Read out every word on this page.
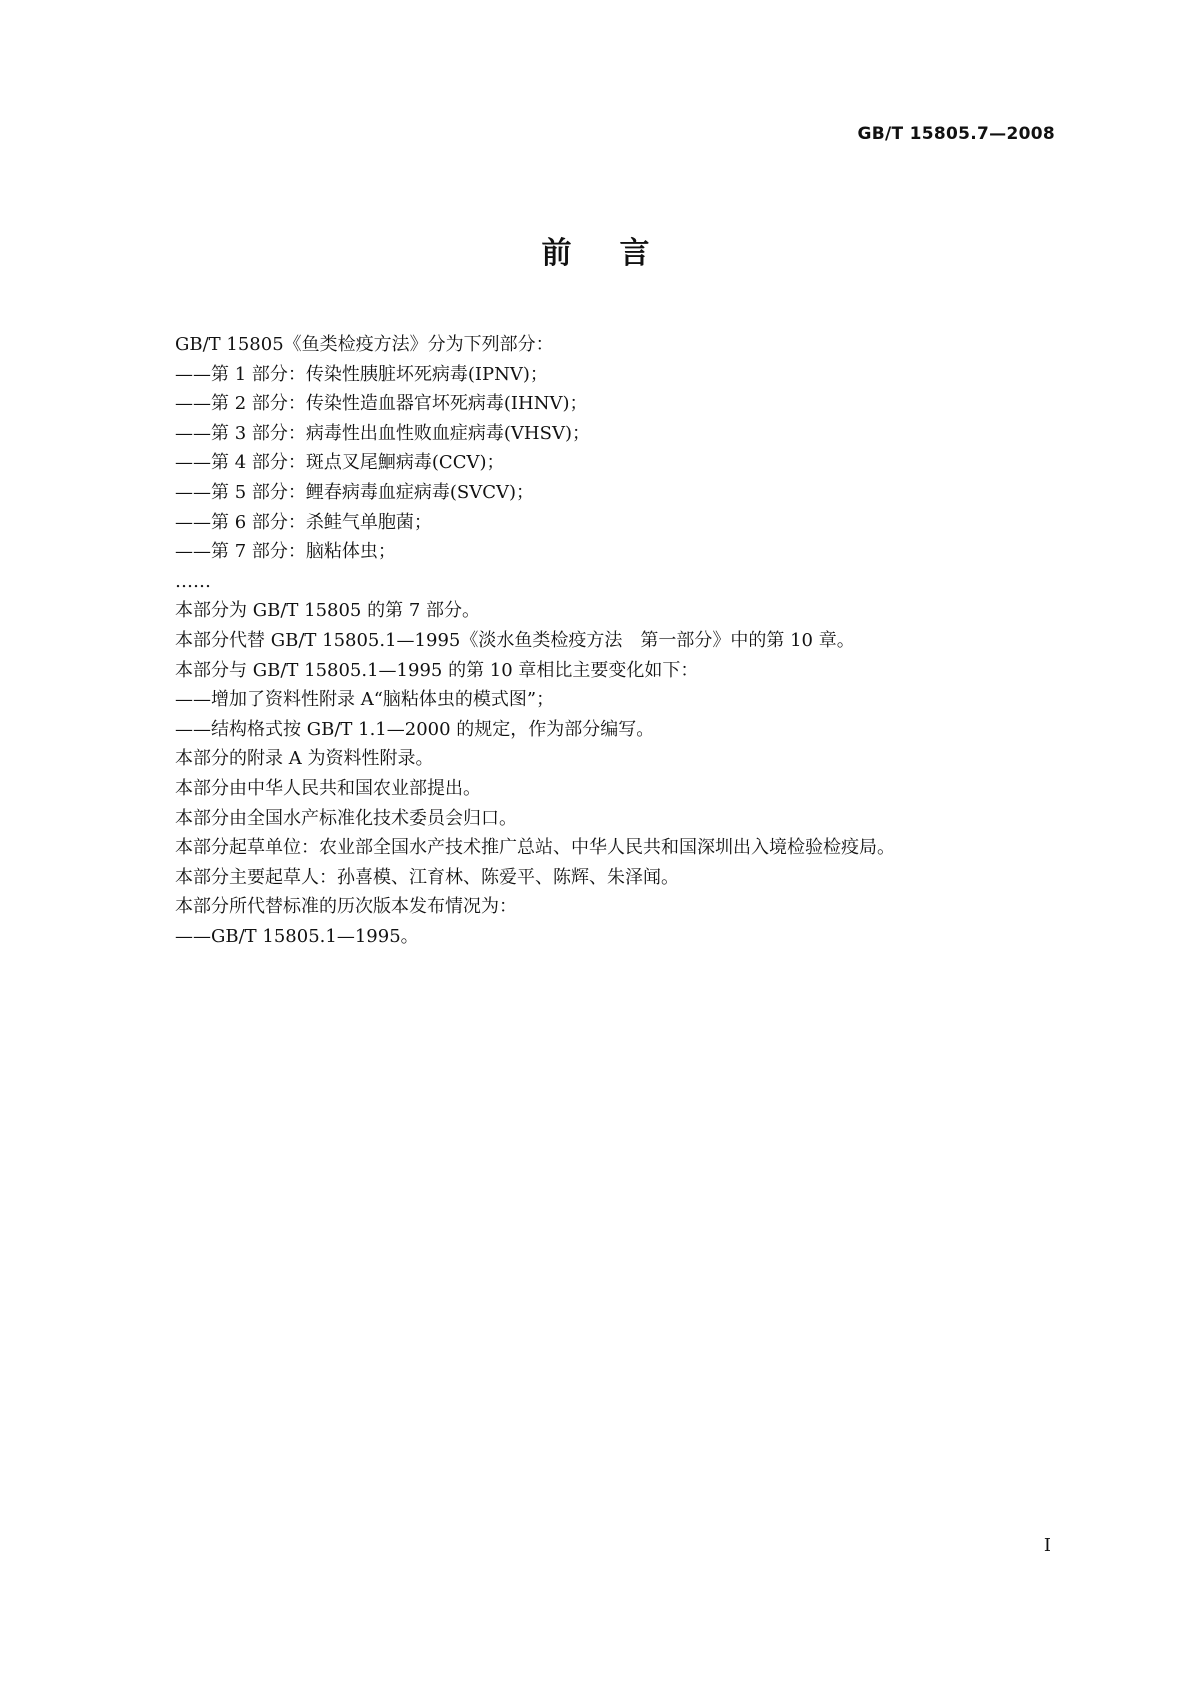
GB/T 15805.7—2008
前言
GB/T 15805《鱼类检疫方法》分为下列部分：
——第 1 部分：传染性胰脏坏死病毒(IPNV)；
——第 2 部分：传染性造血器官坏死病毒(IHNV)；
——第 3 部分：病毒性出血性败血症病毒(VHSV)；
——第 4 部分：斑点叉尾鮰病毒(CCV)；
——第 5 部分：鲤春病毒血症病毒(SVCV)；
——第 6 部分：杀鲑气单胞菌；
——第 7 部分：脑粘体虫；
……
本部分为 GB/T 15805 的第 7 部分。
本部分代替 GB/T 15805.1—1995《淡水鱼类检疫方法　第一部分》中的第 10 章。
本部分与 GB/T 15805.1—1995 的第 10 章相比主要变化如下：
——增加了资料性附录 A“脑粘体虫的模式图”；
——结构格式按 GB/T 1.1—2000 的规定，作为部分编写。
本部分的附录 A 为资料性附录。
本部分由中华人民共和国农业部提出。
本部分由全国水产标准化技术委员会归口。
本部分起草单位：农业部全国水产技术推广总站、中华人民共和国深圳出入境检验检疫局。
本部分主要起草人：孙喜模、江育林、陈爱平、陈辉、朱泽闻。
本部分所代替标准的历次版本发布情况为：
——GB/T 15805.1—1995。
I
